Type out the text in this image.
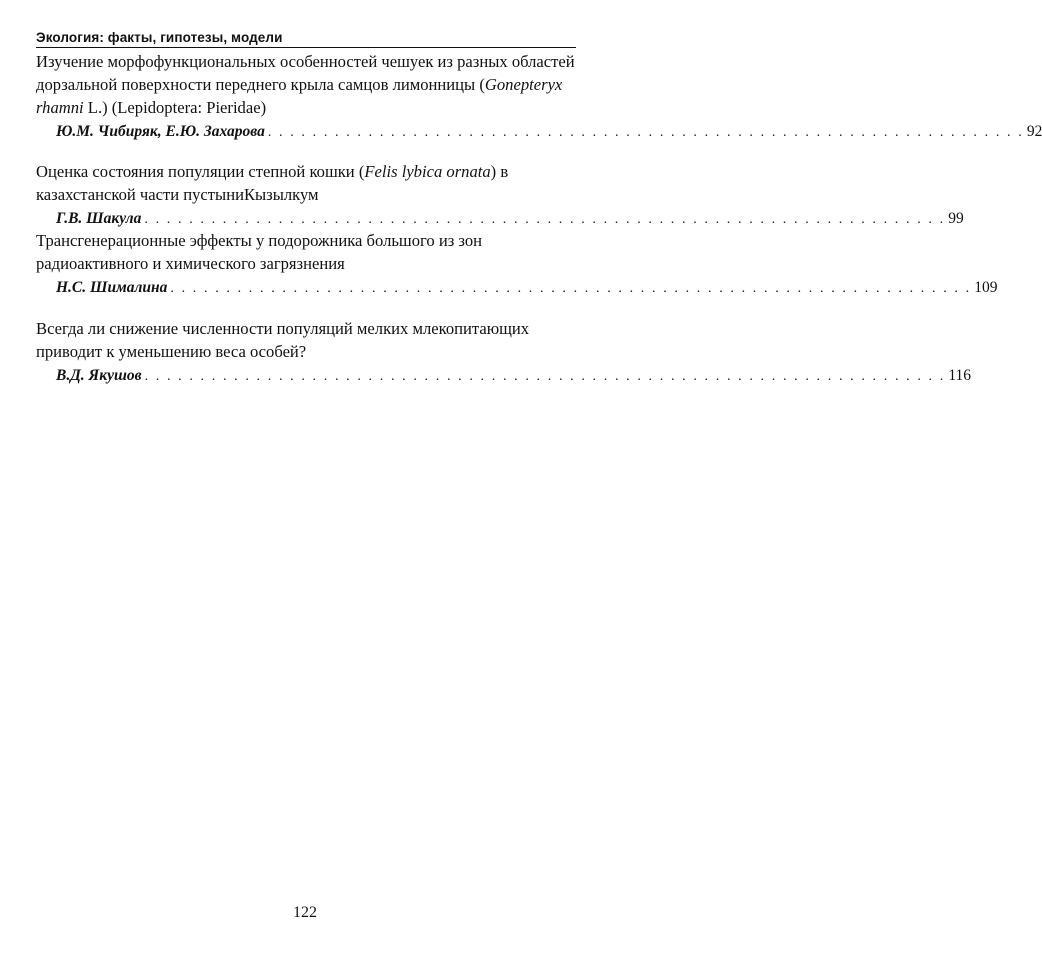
Экология: факты, гипотезы, модели
Изучение морфофункциональных особенностей чешуек из разных областей дорзальной поверхности переднего крыла самцов лимонницы (Gonepteryx rhamni L.) (Lepidoptera: Pieridae)
Ю.М. Чибиряк, Е.Ю. Захарова . . . . . . . . . . . . . . . . . . . . . . . . . . . . . . . . . . . . . . . . . . . . . . . . . . . . . . . . . . . . . . . . . . . . 92
Оценка состояния популяции степной кошки (Felis lybica ornata) в казахстанской части пустыниКызылкум
Г.В. Шакула . . . . . . . . . . . . . . . . . . . . . . . . . . . . . . . . . . . . . . . . . . . . . . . . . . . . . . . . . . . . . . . . . . . . . . . . 99
Трансгенерационные эффекты у подорожника большого из зон радиоактивного и химического загрязнения
Н.С. Шималина . . . . . . . . . . . . . . . . . . . . . . . . . . . . . . . . . . . . . . . . . . . . . . . . . . . . . . . . . . . . . . . . . . . . . . . . 109
Всегда ли снижение численности популяций мелких млекопитающих приводит к уменьшению веса особей?
В.Д. Якушов . . . . . . . . . . . . . . . . . . . . . . . . . . . . . . . . . . . . . . . . . . . . . . . . . . . . . . . . . . . . . . . . . . . . . . . . 116
122
